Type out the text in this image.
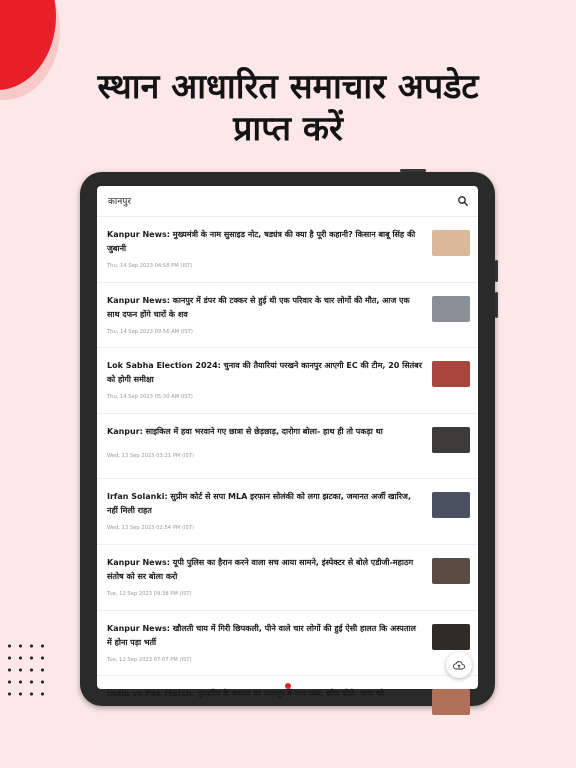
स्थान आधारित समाचार अपडेट
प्राप्त करें
कानपुर
Kanpur News: मुख्यमंत्री के नाम सुसाइड नोट, षड्यंत्र की क्या है पूरी कहानी? किसान बाबू सिंह की जुबानी
Thu, 14 Sep 2023 04:58 PM (IST)
Kanpur News: कानपुर में डंपर की टक्कर से हुई थी एक परिवार के चार लोगों की मौत, आज एक साथ दफन होंगे चारों के शव
Thu, 14 Sep 2023 09:56 AM (IST)
Lok Sabha Election 2024: चुनाव की तैयारियां परखने कानपुर आएगी EC की टीम, 20 सितंबर को होगी समीक्षा
Thu, 14 Sep 2023 05:30 AM (IST)
Kanpur: साइकिल में हवा भरवाने गए छात्रा से छेड़छाड़, दारोगा बोला- हाथ ही तो पकड़ा था
Wed, 13 Sep 2023 03:21 PM (IST)
Irfan Solanki: सुप्रीम कोर्ट से सपा MLA इरफान सोलंकी को लगा झटका, जमानत अर्जी खारिज, नहीं मिली राहत
Wed, 13 Sep 2023 02:54 PM (IST)
Kanpur News: यूपी पुलिस का हैरान करने वाला सच आया सामने, इंस्पेक्टर से बोले एडीजी-महाठग संतोष को सर बोला करो
Tue, 12 Sep 2023 09:38 PM (IST)
Kanpur News: खौलती चाय में गिरी छिपकली, पीने वाले चार लोगों की हुई ऐसी हालत कि अस्पताल में होना पड़ा भर्ती
Tue, 12 Sep 2023 07:07 PM (IST)
India vs Pak Match: कुलदीप के कमाल पर कानपुर में मना जश्न, कोच बोले- पाक को
